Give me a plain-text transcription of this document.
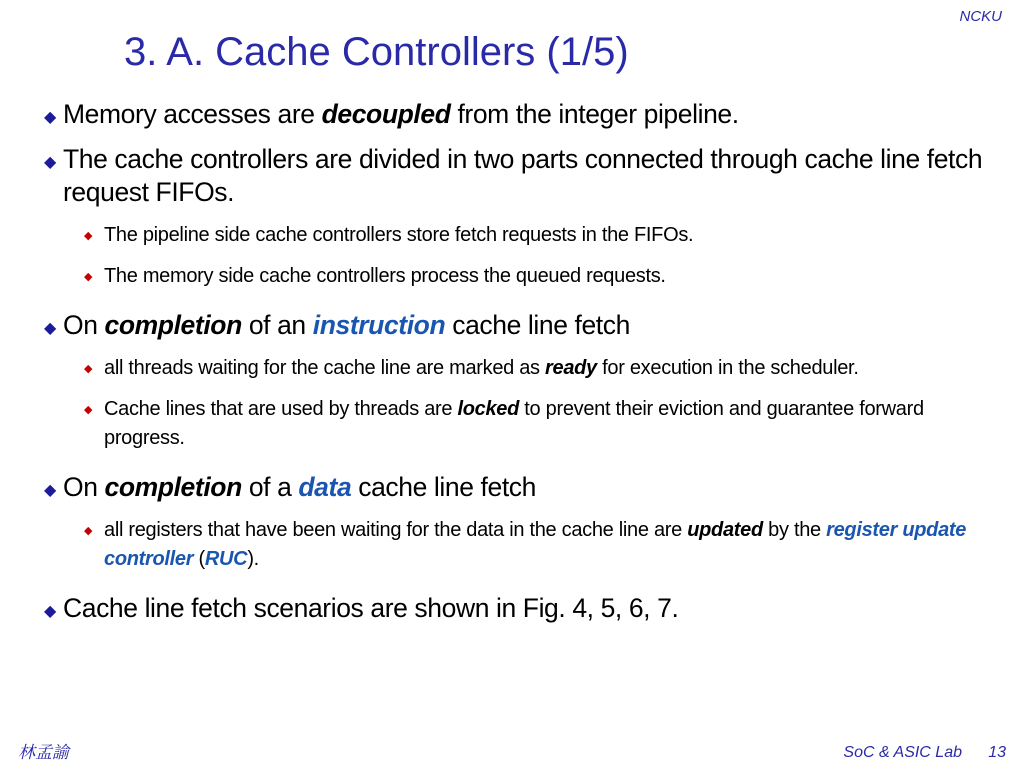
NCKU
3. A. Cache Controllers (1/5)
◆ Memory accesses are decoupled from the integer pipeline.
◆ The cache controllers are divided in two parts connected through cache line fetch request FIFOs.
◆ The pipeline side cache controllers store fetch requests in the FIFOs.
◆ The memory side cache controllers process the queued requests.
◆ On completion of an instruction cache line fetch
◆ all threads waiting for the cache line are marked as ready for execution in the scheduler.
◆ Cache lines that are used by threads are locked to prevent their eviction and guarantee forward progress.
◆ On completion of a data cache line fetch
◆ all registers that have been waiting for the data in the cache line are updated by the register update controller (RUC).
◆ Cache line fetch scenarios are shown in Fig. 4, 5, 6, 7.
林孟諭	SoC & ASIC Lab 13
